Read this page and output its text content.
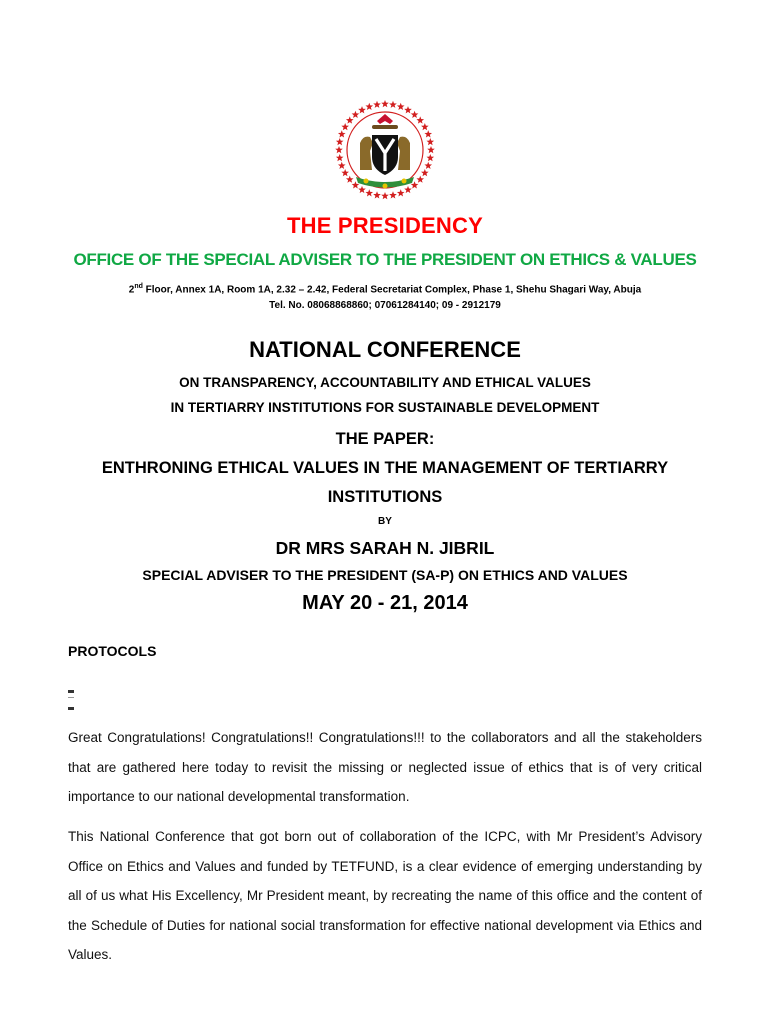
THE PRESIDENCY
OFFICE OF THE SPECIAL ADVISER TO THE PRESIDENT ON ETHICS & VALUES
2nd Floor, Annex 1A, Room 1A, 2.32 – 2.42, Federal Secretariat Complex, Phase 1, Shehu Shagari Way, Abuja
Tel. No. 08068868860; 07061284140; 09 - 2912179
NATIONAL CONFERENCE
ON TRANSPARENCY, ACCOUNTABILITY AND ETHICAL VALUES
IN TERTIARRY INSTITUTIONS FOR SUSTAINABLE DEVELOPMENT
THE PAPER:
ENTHRONING ETHICAL VALUES IN THE MANAGEMENT OF TERTIARRY
INSTITUTIONS
BY
DR MRS SARAH N. JIBRIL
SPECIAL ADVISER TO THE PRESIDENT (SA-P) ON ETHICS AND VALUES
MAY 20 - 21, 2014
PROTOCOLS
Great Congratulations! Congratulations!! Congratulations!!! to the collaborators and all the stakeholders that are gathered here today to revisit the missing or neglected issue of ethics that is of very critical importance to our national developmental transformation.
This National Conference that got born out of collaboration of the ICPC, with Mr President’s Advisory Office on Ethics and Values and funded by TETFUND, is a clear evidence of emerging understanding by all of us what His Excellency, Mr President meant, by recreating the name of this office and the content of the Schedule of Duties for national social transformation for effective national development via Ethics and Values.
